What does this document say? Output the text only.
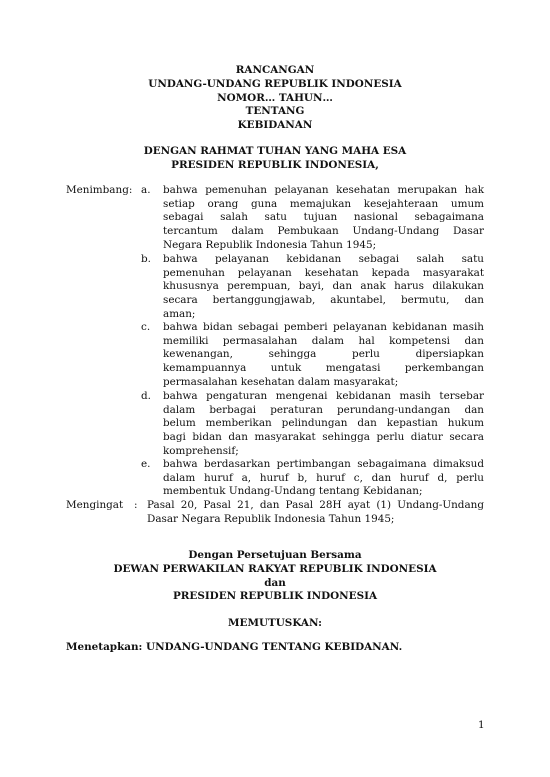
RANCANGAN
UNDANG-UNDANG REPUBLIK INDONESIA
NOMOR… TAHUN…
TENTANG
KEBIDANAN
DENGAN RAHMAT TUHAN YANG MAHA ESA
PRESIDEN REPUBLIK INDONESIA,
Menimbang: a. bahwa pemenuhan pelayanan kesehatan merupakan hak
setiap orang guna memajukan kesejahteraan umum
sebagai salah satu tujuan nasional sebagaimana
tercantum dalam Pembukaan Undang-Undang Dasar
Negara Republik Indonesia Tahun 1945;
b. bahwa pelayanan kebidanan sebagai salah satu
pemenuhan pelayanan kesehatan kepada masyarakat
khususnya perempuan, bayi, dan anak harus dilakukan
secara bertanggungjawab, akuntabel, bermutu, dan
aman;
c. bahwa bidan sebagai pemberi pelayanan kebidanan masih
memiliki permasalahan dalam hal kompetensi dan
kewenangan, sehingga perlu dipersiapkan
kemampuannya untuk mengatasi perkembangan
permasalahan kesehatan dalam masyarakat;
d. bahwa pengaturan mengenai kebidanan masih tersebar
dalam berbagai peraturan perundang-undangan dan
belum memberikan pelindungan dan kepastian hukum
bagi bidan dan masyarakat sehingga perlu diatur secara
komprehensif;
e. bahwa berdasarkan pertimbangan sebagaimana dimaksud
dalam huruf a, huruf b, huruf c, dan huruf d, perlu
membentuk Undang-Undang tentang Kebidanan;
Mengingat : Pasal 20, Pasal 21, dan Pasal 28H ayat (1) Undang-Undang
Dasar Negara Republik Indonesia Tahun 1945;
Dengan Persetujuan Bersama
DEWAN PERWAKILAN RAKYAT REPUBLIK INDONESIA
dan
PRESIDEN REPUBLIK INDONESIA
MEMUTUSKAN:
Menetapkan: UNDANG-UNDANG TENTANG KEBIDANAN.
1
